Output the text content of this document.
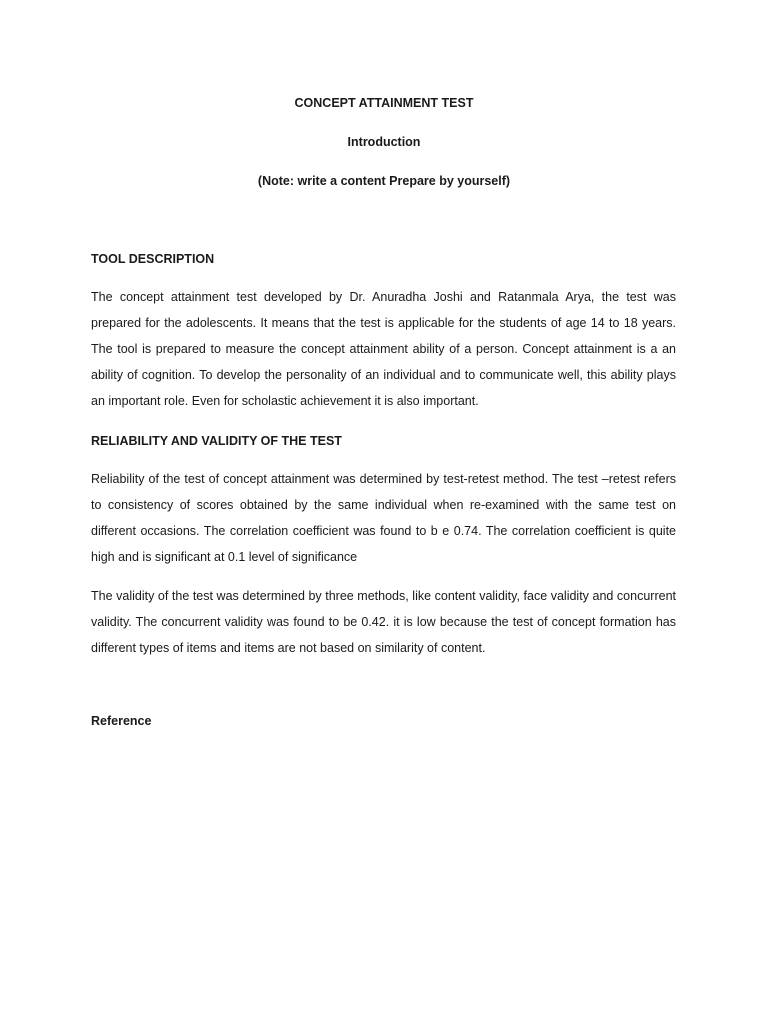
CONCEPT ATTAINMENT TEST
Introduction
(Note: write a content Prepare by yourself)
TOOL DESCRIPTION

The concept attainment test developed by Dr. Anuradha Joshi and Ratanmala Arya, the test was prepared for the adolescents. It means that the test is applicable for the students of age 14 to 18 years. The tool is prepared to measure the concept attainment ability of a person. Concept attainment is a an ability of cognition. To develop the personality of an individual and to communicate well, this ability plays an important role. Even for scholastic achievement it is also important.

RELIABILITY AND VALIDITY OF THE TEST

Reliability of the test of concept attainment was determined by test-retest method. The test –retest refers to consistency of scores obtained by the same individual when re-examined with the same test on different occasions. The correlation coefficient was found to b e 0.74. The correlation coefficient is quite high and is significant at 0.1 level of significance

The validity of the test was determined by three methods, like content validity, face validity and concurrent validity. The concurrent validity was found to be 0.42. it is low because the test of concept formation has different types of items and items are not based on similarity of content.

Reference
